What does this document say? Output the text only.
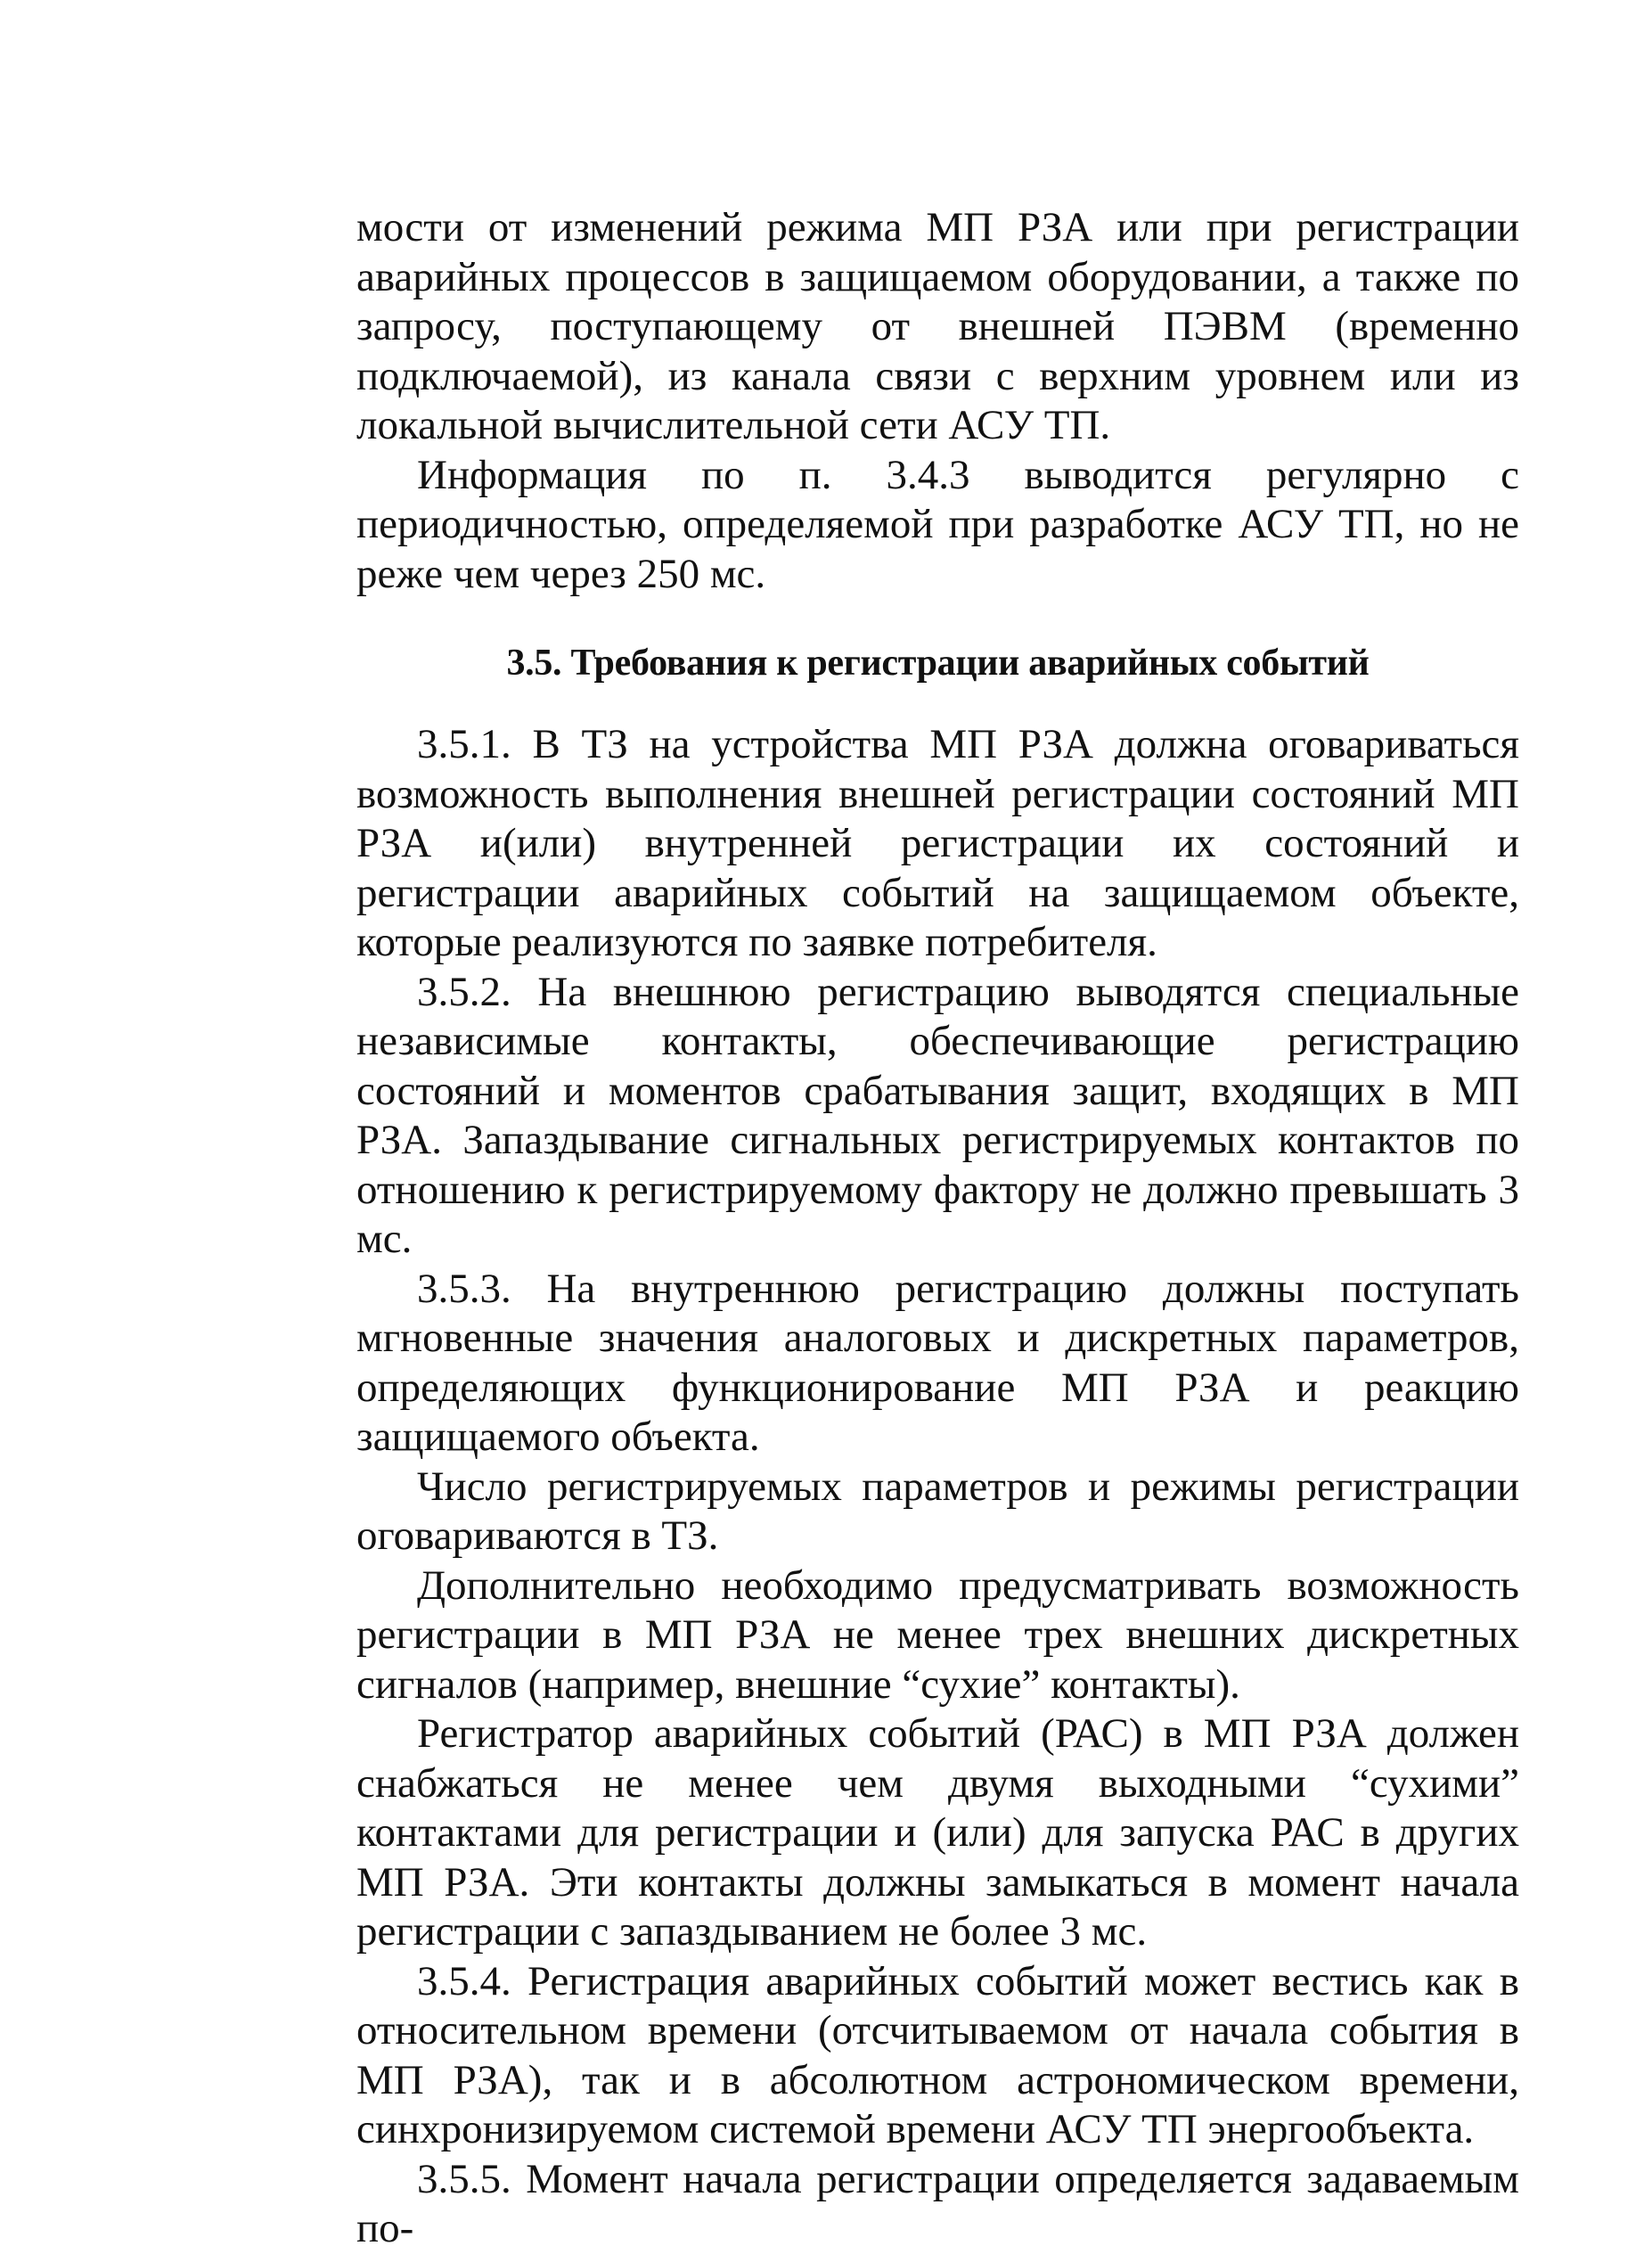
мости от изменений режима МП РЗА или при регистрации аварийных процессов в защищаемом оборудовании, а также по запросу, поступающему от внешней ПЭВМ (временно подключаемой), из канала связи с верхним уровнем или из локальной вычислительной сети АСУ ТП.

Информация по п. 3.4.3 выводится регулярно с периодичностью, определяемой при разработке АСУ ТП, но не реже чем через 250 мс.

3.5. Требования к регистрации аварийных событий

3.5.1. В ТЗ на устройства МП РЗА должна оговариваться возможность выполнения внешней регистрации состояний МП РЗА и(или) внутренней регистрации их состояний и регистрации аварийных событий на защищаемом объекте, которые реализуются по заявке потребителя.

3.5.2. На внешнюю регистрацию выводятся специальные независимые контакты, обеспечивающие регистрацию состояний и моментов срабатывания защит, входящих в МП РЗА. Запаздывание сигнальных регистрируемых контактов по отношению к регистрируемому фактору не должно превышать 3 мс.

3.5.3. На внутреннюю регистрацию должны поступать мгновенные значения аналоговых и дискретных параметров, определяющих функционирование МП РЗА и реакцию защищаемого объекта.

Число регистрируемых параметров и режимы регистрации оговариваются в ТЗ.

Дополнительно необходимо предусматривать возможность регистрации в МП РЗА не менее трех внешних дискретных сигналов (например, внешние “сухие” контакты).

Регистратор аварийных событий (РАС) в МП РЗА должен снабжаться не менее чем двумя выходными “сухими” контактами для регистрации и (или) для запуска РАС в других МП РЗА. Эти контакты должны замыкаться в момент начала регистрации с запаздыванием не более 3 мс.

3.5.4. Регистрация аварийных событий может вестись как в относительном времени (отсчитываемом от начала события в МП РЗА), так и в абсолютном астрономическом времени, синхронизируемом системой времени АСУ ТП энергообъекта.

3.5.5. Момент начала регистрации определяется задаваемым по-
